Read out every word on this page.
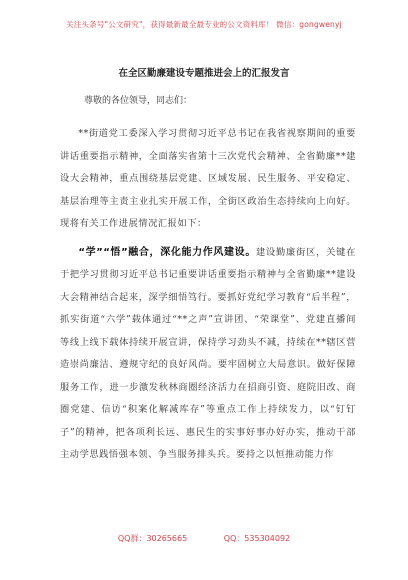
关注头条号"公文研究"，获得最新最全最专业的公文资料库！ 微信：gongwenyj
在全区勤廉建设专题推进会上的汇报发言
尊敬的各位领导，同志们：

**街道党工委深入学习贯彻习近平总书记在我省视察期间的重要讲话重要指示精神，全面落实省第十三次党代会精神、全省勤廉**建设大会精神，重点围绕基层党建、区域发展、民生服务、平安稳定、基层治理等主责主业扎实开展工作，全街区政治生态持续向上向好。现将有关工作进展情况汇报如下：

“学”“悟”融合，深化能力作风建设。建设勤廉街区，关键在于把学习贯彻习近平总书记重要讲话重要指示精神与全省勤廉**建设大会精神结合起来，深学细悟笃行。要抓好党纪学习教育“后半程”，抓实街道“六学”载体通过“**之声”宣讲团、“荣课堂”、党建直播间等线上线下载体持续开展宣讲，保持学习劲头不减，持续在**辖区营造崇尚廉洁、遵规守纪的良好风尚。要牢固树立大局意识。做好保障服务工作，进一步激发秋林商圈经济活力在招商引资、庭院旧改、商圈党建、信访“积案化解减库存”等重点工作上持续发力，以“钉钉子”的精神，把各项利长远、惠民生的实事好事办好办实，推动干部主动学思践悟强本领、争当服务排头兵。要持之以恒推动能力作

QQ群：30265665	QQ：535304092
